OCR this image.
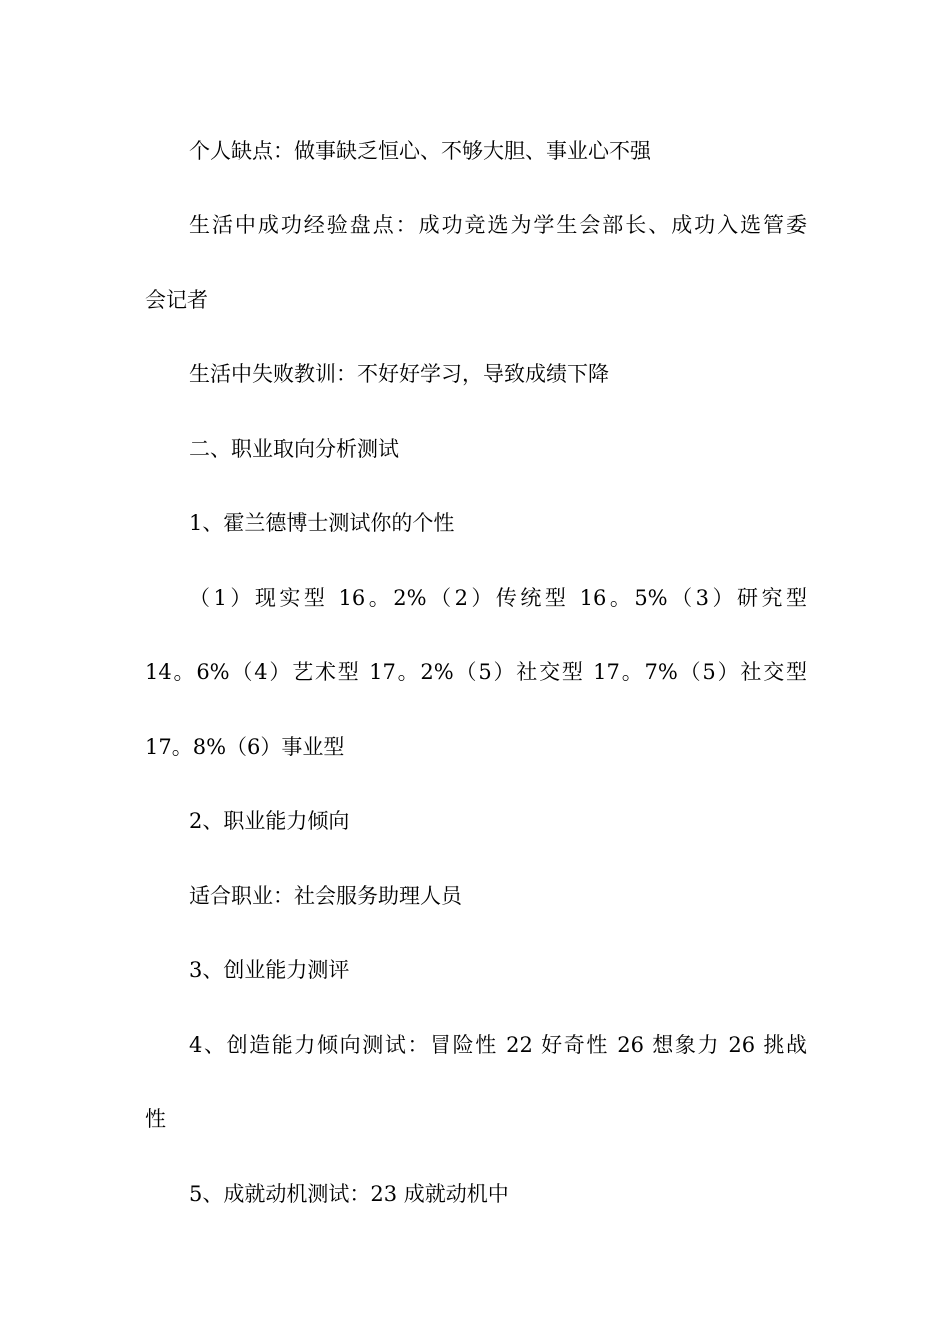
个人缺点：做事缺乏恒心、不够大胆、事业心不强
生活中成功经验盘点：成功竞选为学生会部长、成功入选管委
会记者
生活中失败教训：不好好学习，导致成绩下降
二、职业取向分析测试
1、霍兰德博士测试你的个性
（1）现实型 16。2%（2）传统型 16。5%（3）研究型
14。6%（4）艺术型 17。2%（5）社交型 17。7%（5）社交型
17。8%（6）事业型
2、职业能力倾向
适合职业：社会服务助理人员
3、创业能力测评
4、创造能力倾向测试：冒险性 22 好奇性 26 想象力 26 挑战
性
5、成就动机测试：23 成就动机中
